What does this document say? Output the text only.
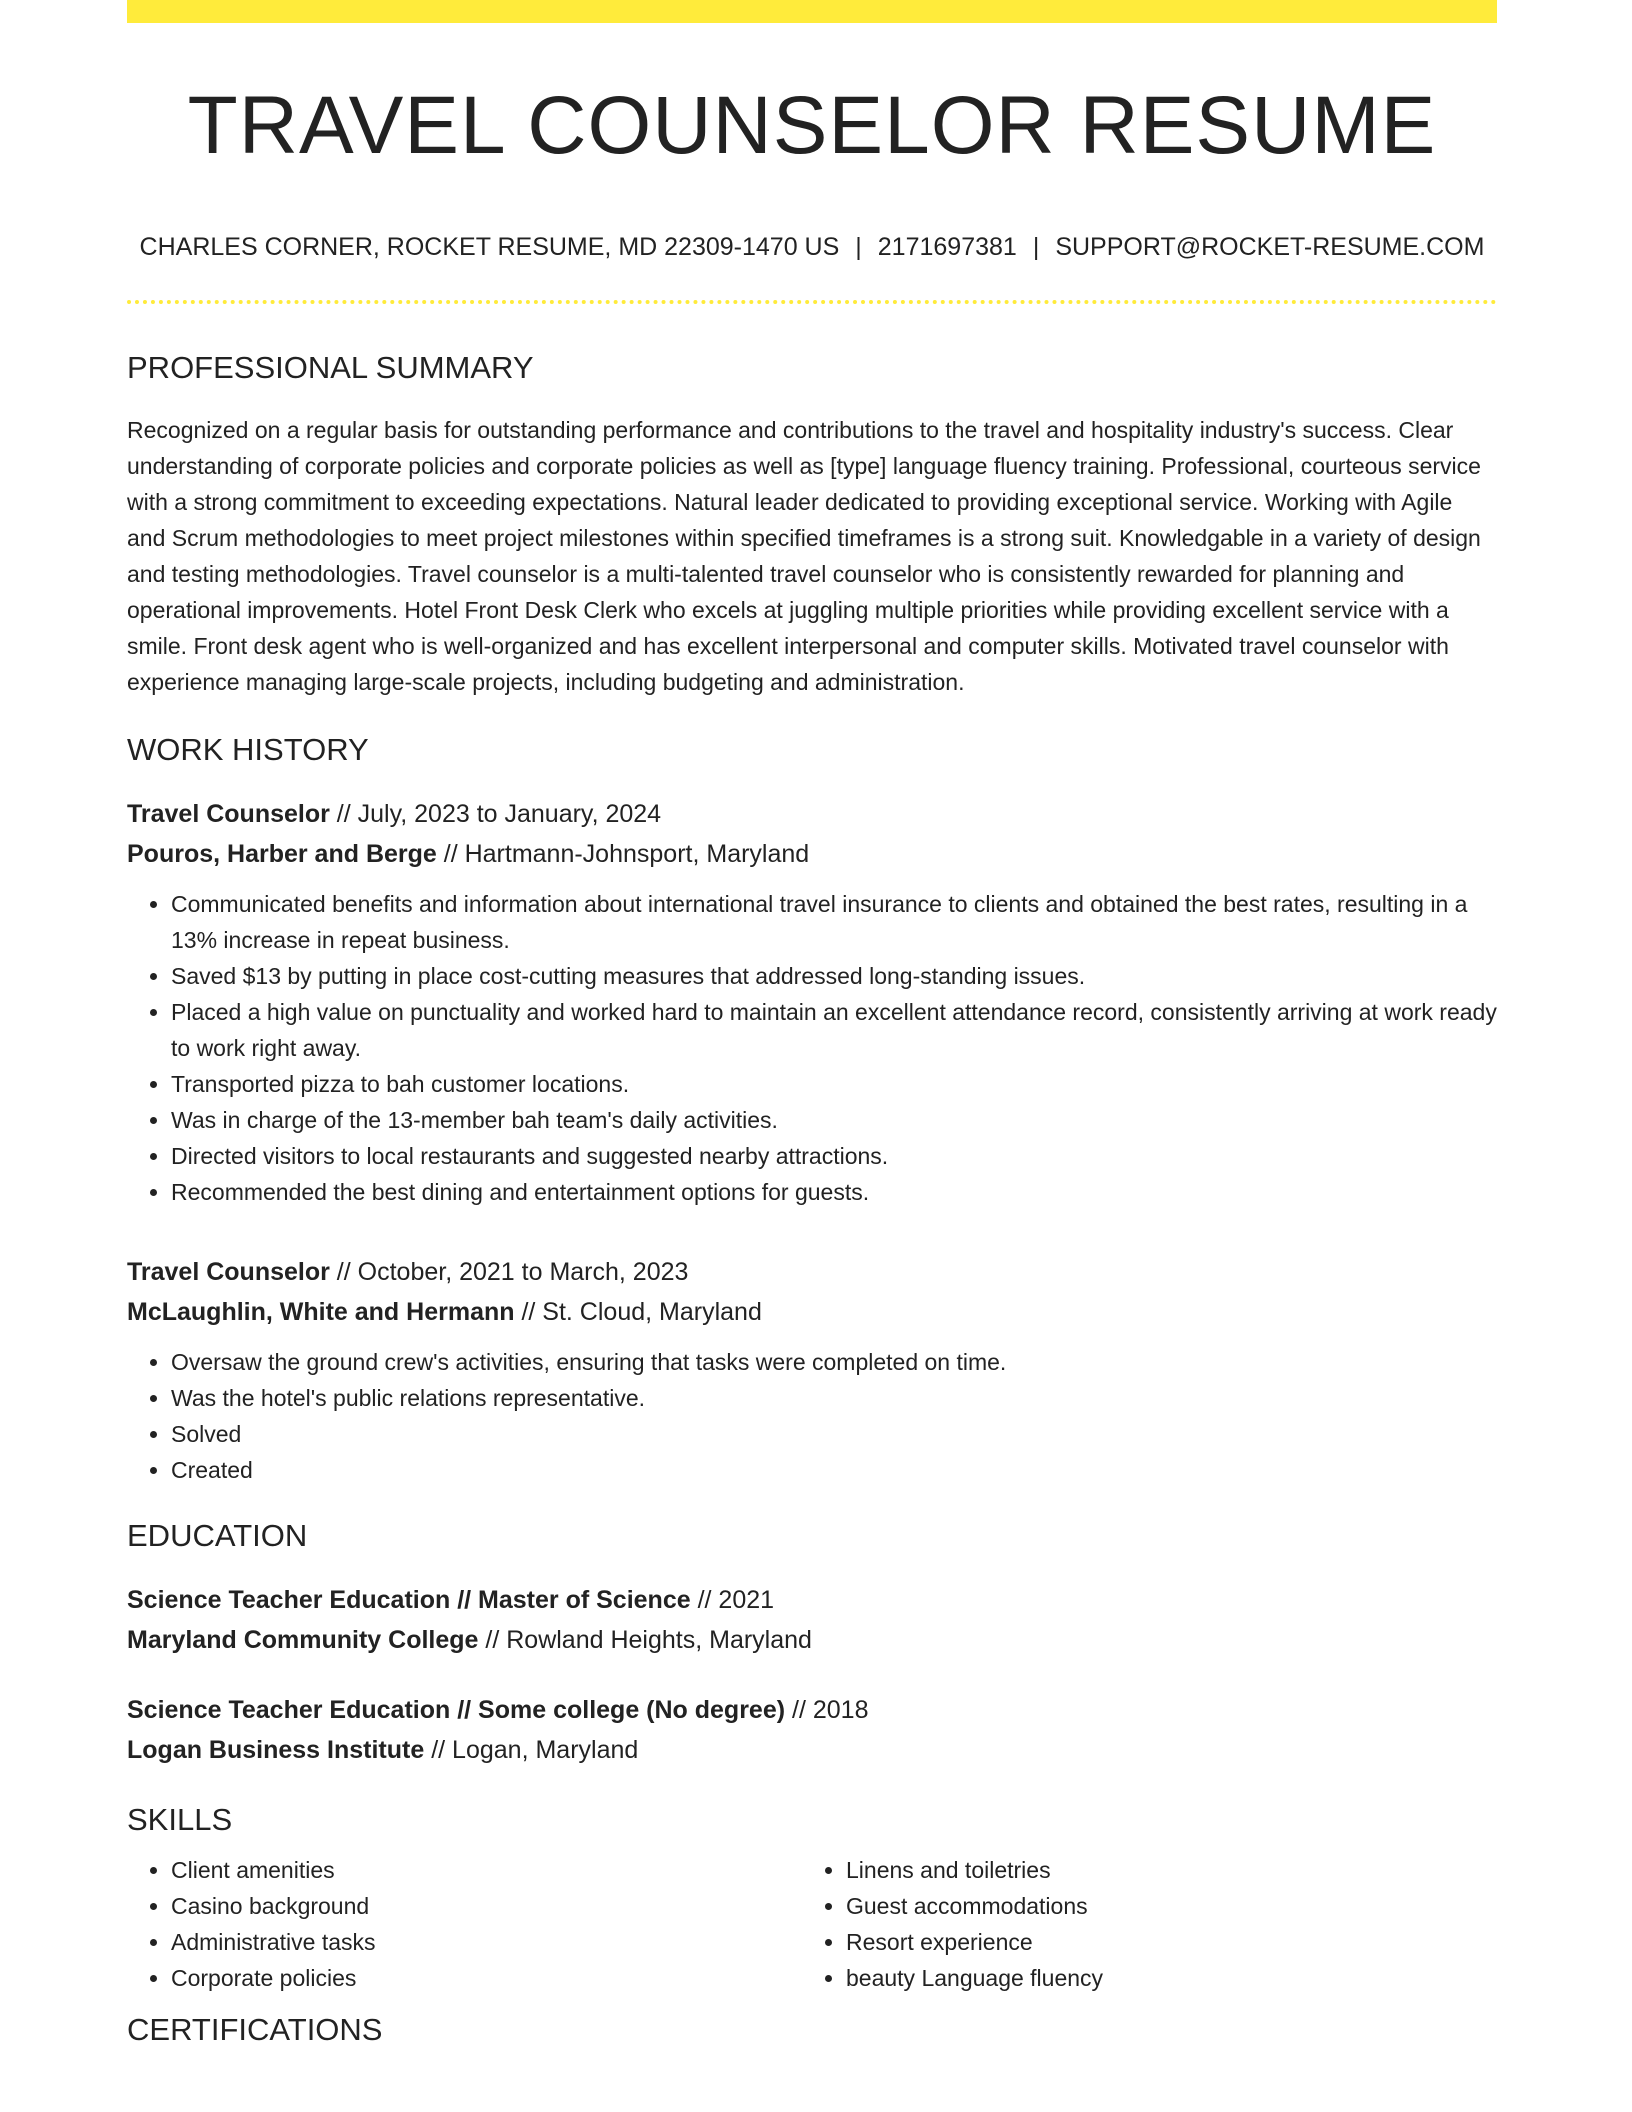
TRAVEL COUNSELOR RESUME
CHARLES CORNER, ROCKET RESUME, MD 22309-1470 US | 2171697381 | SUPPORT@ROCKET-RESUME.COM
PROFESSIONAL SUMMARY
Recognized on a regular basis for outstanding performance and contributions to the travel and hospitality industry's success. Clear understanding of corporate policies and corporate policies as well as [type] language fluency training. Professional, courteous service with a strong commitment to exceeding expectations. Natural leader dedicated to providing exceptional service. Working with Agile and Scrum methodologies to meet project milestones within specified timeframes is a strong suit. Knowledgable in a variety of design and testing methodologies. Travel counselor is a multi-talented travel counselor who is consistently rewarded for planning and operational improvements. Hotel Front Desk Clerk who excels at juggling multiple priorities while providing excellent service with a smile. Front desk agent who is well-organized and has excellent interpersonal and computer skills. Motivated travel counselor with experience managing large-scale projects, including budgeting and administration.
WORK HISTORY
Travel Counselor // July, 2023 to January, 2024
Pouros, Harber and Berge // Hartmann-Johnsport, Maryland
• Communicated benefits and information about international travel insurance to clients and obtained the best rates, resulting in a 13% increase in repeat business.
• Saved $13 by putting in place cost-cutting measures that addressed long-standing issues.
• Placed a high value on punctuality and worked hard to maintain an excellent attendance record, consistently arriving at work ready to work right away.
• Transported pizza to bah customer locations.
• Was in charge of the 13-member bah team's daily activities.
• Directed visitors to local restaurants and suggested nearby attractions.
• Recommended the best dining and entertainment options for guests.
Travel Counselor // October, 2021 to March, 2023
McLaughlin, White and Hermann // St. Cloud, Maryland
• Oversaw the ground crew's activities, ensuring that tasks were completed on time.
• Was the hotel's public relations representative.
• Solved
• Created
EDUCATION
Science Teacher Education // Master of Science // 2021
Maryland Community College // Rowland Heights, Maryland
Science Teacher Education // Some college (No degree) // 2018
Logan Business Institute // Logan, Maryland
SKILLS
• Client amenities
• Casino background
• Administrative tasks
• Corporate policies
• Linens and toiletries
• Guest accommodations
• Resort experience
• beauty Language fluency
CERTIFICATIONS
